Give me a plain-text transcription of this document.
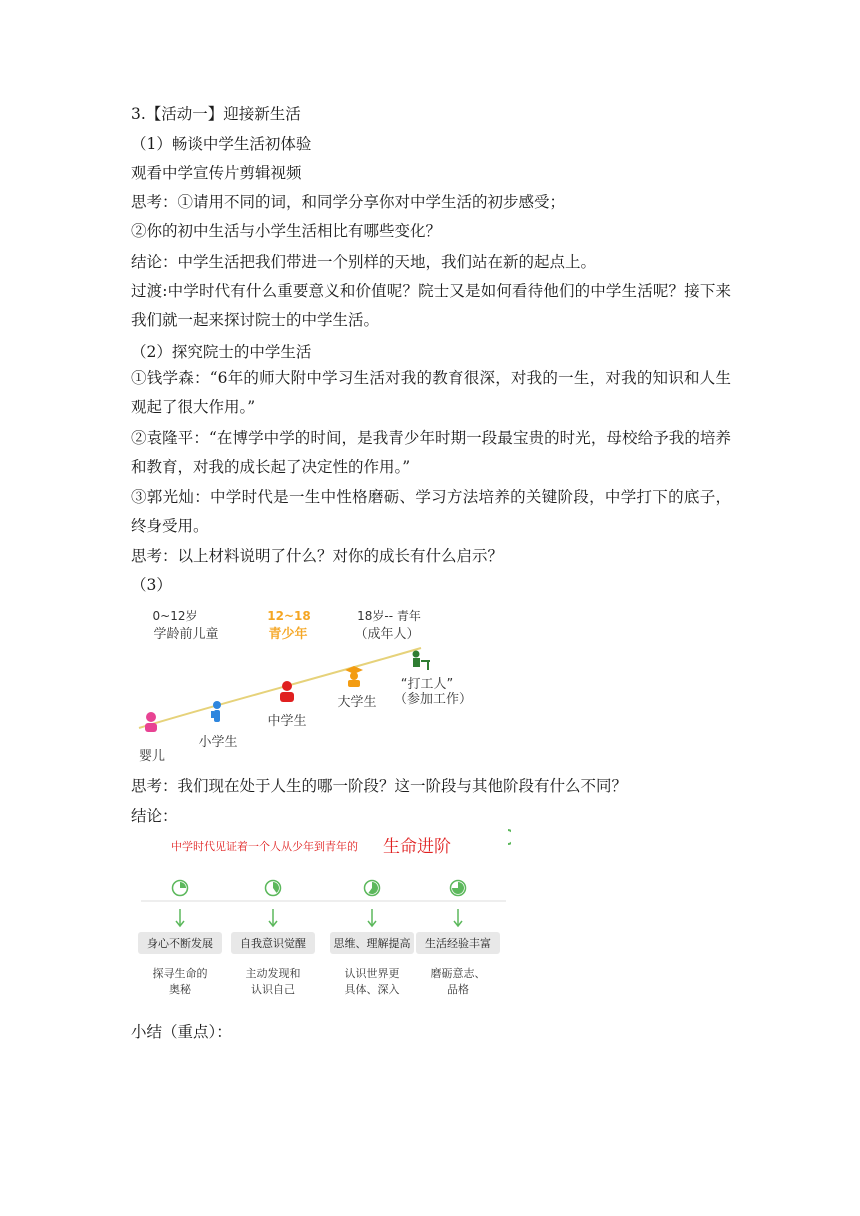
3.【活动一】迎接新生活
（1）畅谈中学生活初体验
观看中学宣传片剪辑视频
思考：①请用不同的词，和同学分享你对中学生活的初步感受；
②你的初中生活与小学生活相比有哪些变化？
结论：中学生活把我们带进一个别样的天地，我们站在新的起点上。
过渡:中学时代有什么重要意义和价值呢？院士又是如何看待他们的中学生活呢？接下来我们就一起来探讨院士的中学生活。
（2）探究院士的中学生活
①钱学森：“6年的师大附中学习生活对我的教育很深，对我的一生，对我的知识和人生观起了很大作用。”
②袁隆平：“在博学中学的时间，是我青少年时期一段最宝贵的时光，母校给予我的培养和教育，对我的成长起了决定性的作用。”
③郭光灿：中学时代是一生中性格磨砺、学习方法培养的关键阶段，中学打下的底子，终身受用。
思考：以上材料说明了什么？对你的成长有什么启示？
（3）
0~12岁
学龄前儿童
12~18
青少年
18岁-- 青年
（成年人）
婴儿
小学生
中学生
大学生
“打工人”
（参加工作）
思考：我们现在处于人生的哪一阶段？这一阶段与其他阶段有什么不同？
结论：
中学时代见证着一个人从少年到青年的 生命进阶
身心不断发展
探寻生命的
奥秘
自我意识觉醒
主动发现和
认识自己
思维、理解提高
认识世界更
具体、深入
生活经验丰富
磨砺意志、
品格
小结（重点）：
